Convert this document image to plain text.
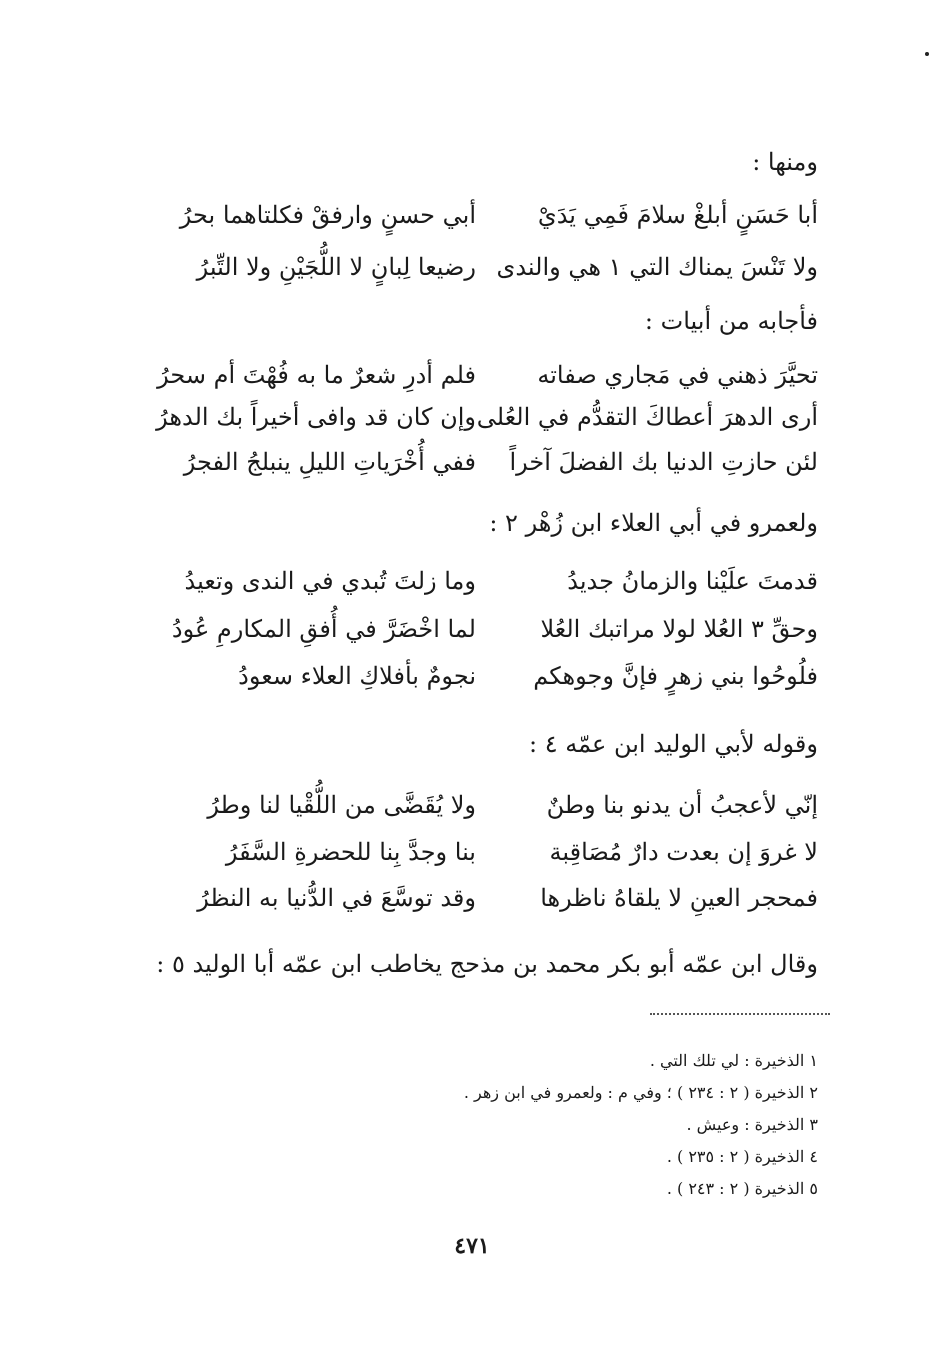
ومنها :
أبا حَسَنٍ أبلغْ سلامَ فَمِي يَدَيْ
أبي حسنٍ وارفقْ فكلتاهما بحرُ
ولا تَنْسَ يمناك التي ١ هي والندى
رضيعا لِبانٍ لا اللُّجَيْنِ ولا التِّبرُ
فأجابه من أبيات :
تحيَّرَ ذهني في مَجاري صفاته
فلم أدرِ شعرٌ ما به فُهْتَ أم سحرُ
أرى الدهرَ أعطاكَ التقدُّم في العُلى
وإن كان قد وافى أخيراً بك الدهرُ
لئن حازتِ الدنيا بك الفضلَ آخراً
ففي أُخْرَياتِ الليلِ ينبلجُ الفجرُ
ولعمرو في أبي العلاء ابن زُهْر ٢ :
قدمتَ علَيْنا والزمانُ جديدُ
وما زلتَ تُبدي في الندى وتعيدُ
وحقِّ ٣ العُلا لولا مراتبك العُلا
لما اخْضَرَّ في أُفقِ المكارمِ عُودُ
فلُوحُوا بني زهرٍ فإنَّ وجوهكم
نجومٌ بأفلاكِ العلاء سعودُ
وقوله لأبي الوليد ابن عمّه ٤ :
إنّي لأعجبُ أن يدنو بنا وطنٌ
ولا يُقَضَّى من اللُّقْيا لنا وطرُ
لا غروَ إن بعدت دارٌ مُصَاقِبة
بنا وجدَّ بِنا للحضرةِ السَّفَرُ
فمحجر العينِ لا يلقاهُ ناظرها
وقد توسَّعَ في الدُّنيا به النظرُ
وقال ابن عمّه أبو بكر محمد بن مذحج يخاطب ابن عمّه أبا الوليد ٥ :
١ الذخيرة : لي تلك التي .
٢ الذخيرة ( ٢ : ٢٣٤ ) ؛ وفي م : ولعمرو في ابن زهر .
٣ الذخيرة : وعيش .
٤ الذخيرة ( ٢ : ٢٣٥ ) .
٥ الذخيرة ( ٢ : ٢٤٣ ) .
٤٧١
